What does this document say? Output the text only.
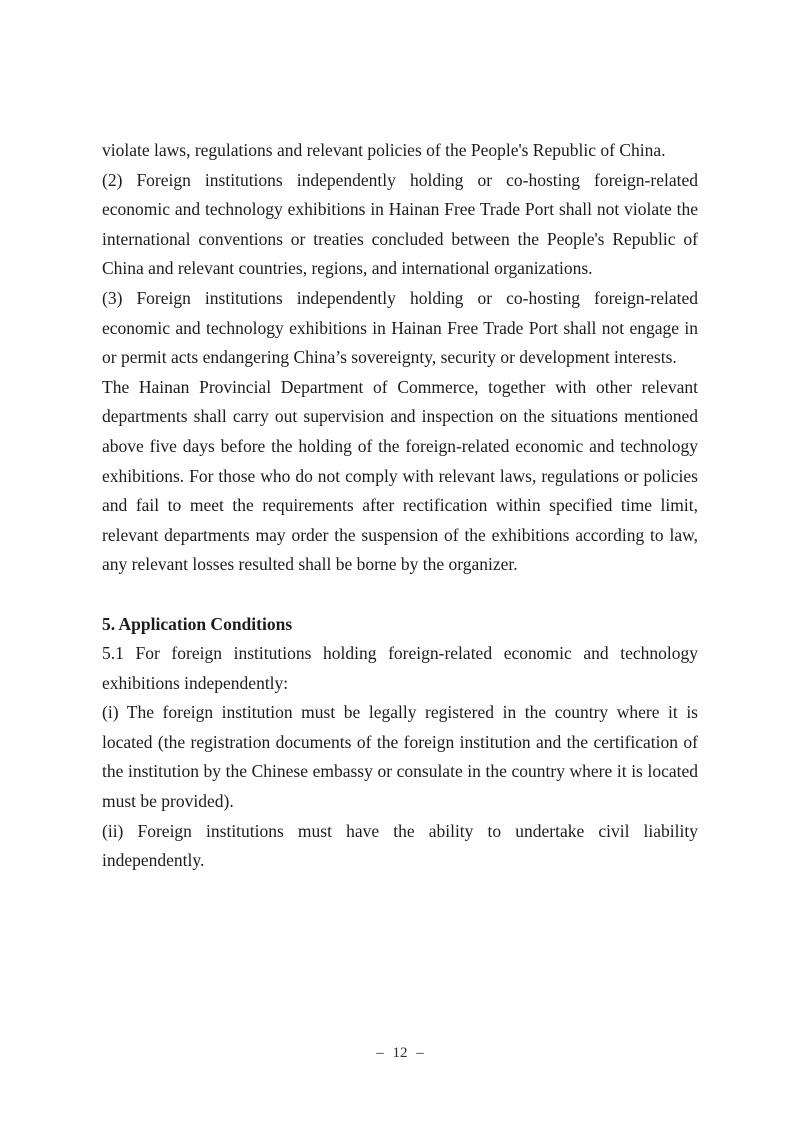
violate laws, regulations and relevant policies of the People's Republic of China.

(2) Foreign institutions independently holding or co-hosting foreign-related economic and technology exhibitions in Hainan Free Trade Port shall not violate the international conventions or treaties concluded between the People's Republic of China and relevant countries, regions, and international organizations.

(3) Foreign institutions independently holding or co-hosting foreign-related economic and technology exhibitions in Hainan Free Trade Port shall not engage in or permit acts endangering China’s sovereignty, security or development interests.

The Hainan Provincial Department of Commerce, together with other relevant departments shall carry out supervision and inspection on the situations mentioned above five days before the holding of the foreign-related economic and technology exhibitions. For those who do not comply with relevant laws, regulations or policies and fail to meet the requirements after rectification within specified time limit, relevant departments may order the suspension of the exhibitions according to law, any relevant losses resulted shall be borne by the organizer.

5. Application Conditions

5.1 For foreign institutions holding foreign-related economic and technology exhibitions independently:

(i) The foreign institution must be legally registered in the country where it is located (the registration documents of the foreign institution and the certification of the institution by the Chinese embassy or consulate in the country where it is located must be provided).

(ii) Foreign institutions must have the ability to undertake civil liability independently.

– 12 –
